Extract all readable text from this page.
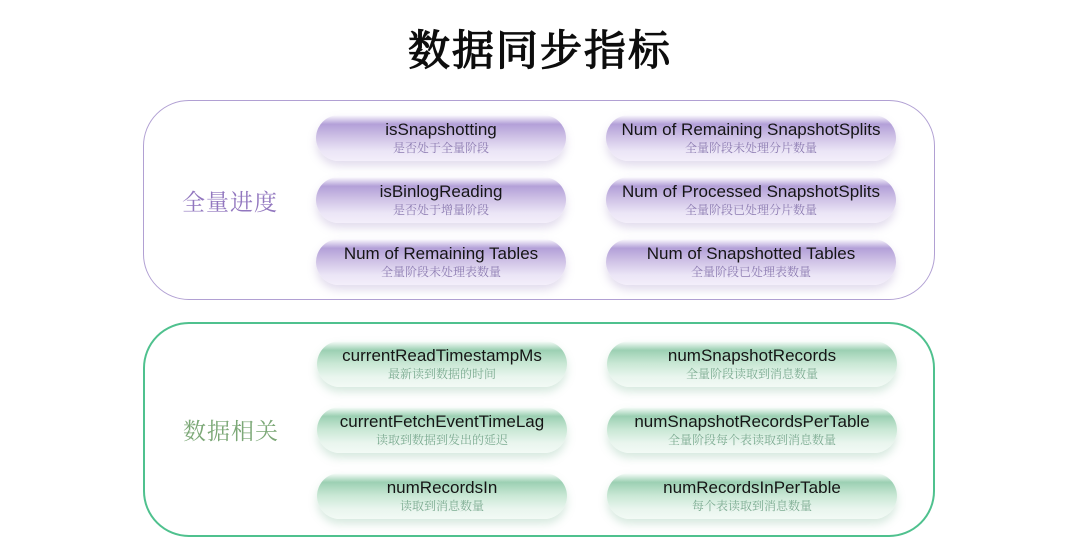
数据同步指标
全量进度
isSnapshotting
是否处于全量阶段
Num of Remaining SnapshotSplits
全量阶段未处理分片数量
isBinlogReading
是否处于增量阶段
Num of Processed SnapshotSplits
全量阶段已处理分片数量
Num of Remaining Tables
全量阶段未处理表数量
Num of Snapshotted Tables
全量阶段已处理表数量
数据相关
currentReadTimestampMs
最新读到数据的时间
numSnapshotRecords
全量阶段读取到消息数量
currentFetchEventTimeLag
读取到数据到发出的延迟
numSnapshotRecordsPerTable
全量阶段每个表读取到消息数量
numRecordsIn
读取到消息数量
numRecordsInPerTable
每个表读取到消息数量
